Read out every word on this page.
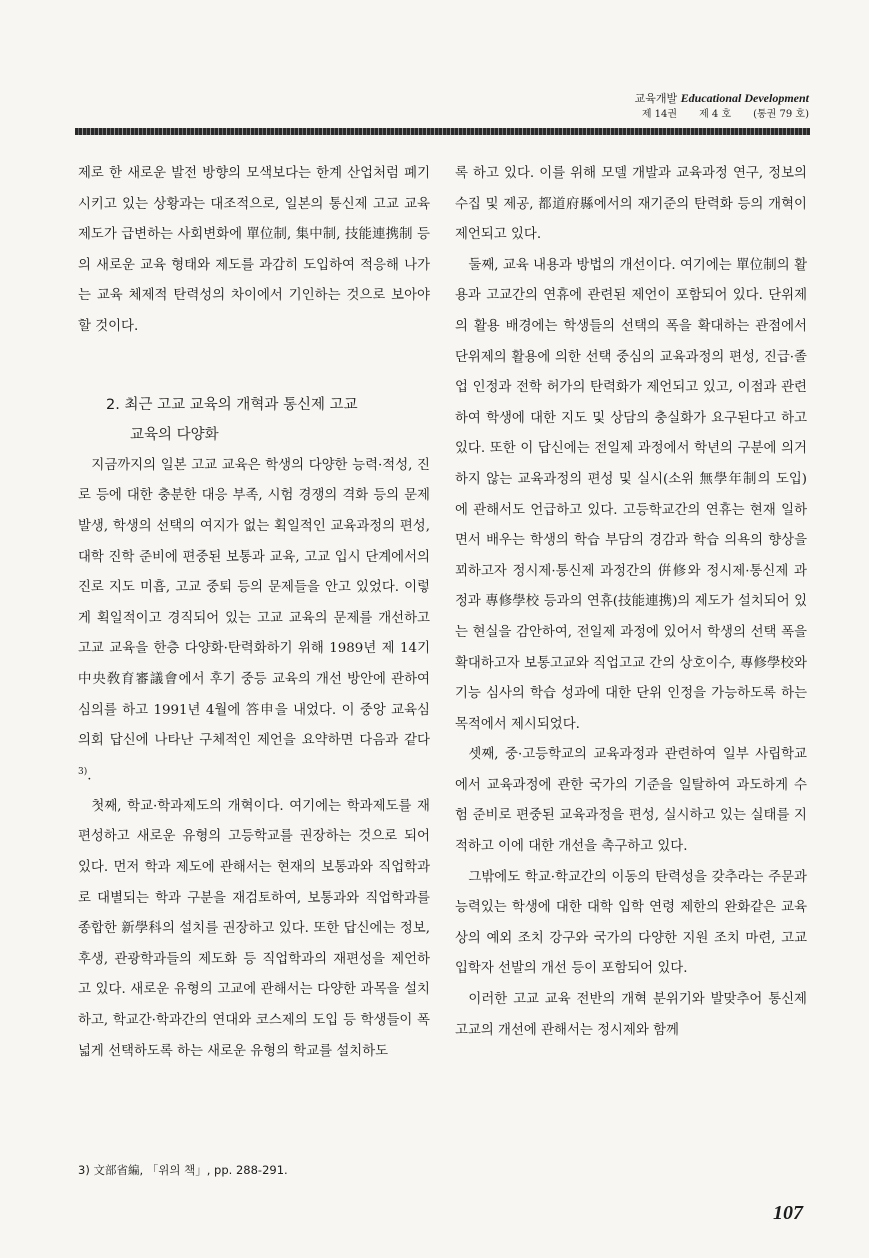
교육개발 Educational Development
제 14권 제 4 호 (통권 79 호)

제로 한 새로운 발전 방향의 모색보다는 한계 산업처럼 폐기시키고 있는 상황과는 대조적으로, 일본의 통신제 고교 교육제도가 급변하는 사회변화에 單位制, 集中制, 技能連携制 등의 새로운 교육 형태와 제도를 과감히 도입하여 적응해 나가는 교육 체제적 탄력성의 차이에서 기인하는 것으로 보아야 할 것이다.

2. 최근 고교 교육의 개혁과 통신제 고교
교육의 다양화

지금까지의 일본 고교 교육은 학생의 다양한 능력·적성, 진로 등에 대한 충분한 대응 부족, 시험 경쟁의 격화 등의 문제 발생, 학생의 선택의 여지가 없는 획일적인 교육과정의 편성, 대학 진학 준비에 편중된 보통과 교육, 고교 입시 단계에서의 진로 지도 미흡, 고교 중퇴 등의 문제들을 안고 있었다. 이렇게 획일적이고 경직되어 있는 고교 교육의 문제를 개선하고 고교 교육을 한층 다양화·탄력화하기 위해 1989년 제 14기 中央敎育審議會에서 후기 중등 교육의 개선 방안에 관하여 심의를 하고 1991년 4월에 答申을 내었다. 이 중앙 교육심의회 답신에 나타난 구체적인 제언을 요약하면 다음과 같다$^{3)}$.

첫째, 학교·학과제도의 개혁이다. 여기에는 학과제도를 재편성하고 새로운 유형의 고등학교를 권장하는 것으로 되어 있다. 먼저 학과 제도에 관해서는 현재의 보통과와 직업학과로 대별되는 학과 구분을 재검토하여, 보통과와 직업학과를 종합한 新學科의 설치를 권장하고 있다. 또한 답신에는 정보, 후생, 관광학과들의 제도화 등 직업학과의 재편성을 제언하고 있다. 새로운 유형의 고교에 관해서는 다양한 과목을 설치하고, 학교간·학과간의 연대와 코스제의 도입 등 학생들이 폭넓게 선택하도록 하는 새로운 유형의 학교를 설치하도

록 하고 있다. 이를 위해 모델 개발과 교육과정 연구, 정보의 수집 및 제공, 都道府縣에서의 재기준의 탄력화 등의 개혁이 제언되고 있다.

둘째, 교육 내용과 방법의 개선이다. 여기에는 單位制의 활용과 고교간의 연휴에 관련된 제언이 포함되어 있다. 단위제의 활용 배경에는 학생들의 선택의 폭을 확대하는 관점에서 단위제의 활용에 의한 선택 중심의 교육과정의 편성, 진급·졸업 인정과 전학 허가의 탄력화가 제언되고 있고, 이점과 관련하여 학생에 대한 지도 및 상담의 충실화가 요구된다고 하고 있다. 또한 이 답신에는 전일제 과정에서 학년의 구분에 의거하지 않는 교육과정의 편성 및 실시(소위 無學年制의 도입)에 관해서도 언급하고 있다. 고등학교간의 연휴는 현재 일하면서 배우는 학생의 학습 부담의 경감과 학습 의욕의 향상을 꾀하고자 정시제·통신제 과정간의 倂修와 정시제·통신제 과정과 專修學校 등과의 연휴(技能連携)의 제도가 설치되어 있는 현실을 감안하여, 전일제 과정에 있어서 학생의 선택 폭을 확대하고자 보통고교와 직업고교 간의 상호이수, 專修學校와 기능 심사의 학습 성과에 대한 단위 인정을 가능하도록 하는 목적에서 제시되었다.

셋째, 중·고등학교의 교육과정과 관련하여 일부 사립학교에서 교육과정에 관한 국가의 기준을 일탈하여 과도하게 수험 준비로 편중된 교육과정을 편성, 실시하고 있는 실태를 지적하고 이에 대한 개선을 촉구하고 있다.

그밖에도 학교·학교간의 이동의 탄력성을 갖추라는 주문과 능력있는 학생에 대한 대학 입학 연령 제한의 완화같은 교육상의 예외 조치 강구와 국가의 다양한 지원 조치 마련, 고교 입학자 선발의 개선 등이 포함되어 있다.

이러한 고교 교육 전반의 개혁 분위기와 발맞추어 통신제 고교의 개선에 관해서는 정시제와 함께

3) 文部省編, 「위의 책」, pp. 288-291.
107
